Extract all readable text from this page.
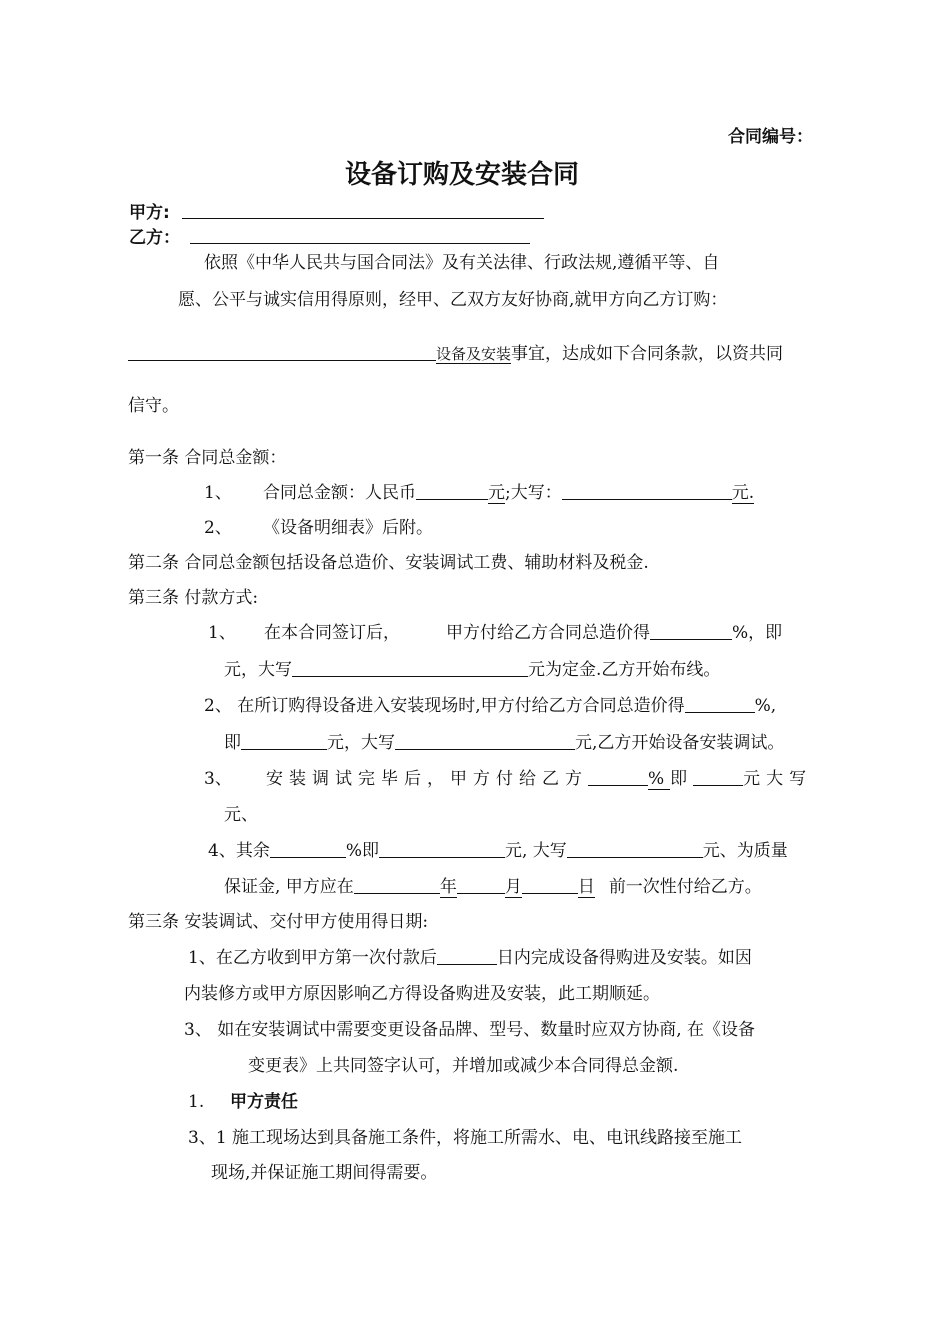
合同编号：
设备订购及安装合同
甲方:
乙方：
依照《中华人民共与国合同法》及有关法律、行政法规,遵循平等、自
愿、公平与诚实信用得原则，经甲、乙双方友好协商,就甲方向乙方订购：
设备及安装事宜，达成如下合同条款，以资共同
信守。
第一条 合同总金额：
1、 合同总金额：人民币	元;大写：	元.
2、 《设备明细表》后附。
第二条 合同总金额包括设备总造价、安装调试工费、辅助材料及税金.
第三条 付款方式:
1、 在本合同签订后，	甲方付给乙方合同总造价得	%，即
元，大写	元为定金.乙方开始布线。
2、 在所订购得设备进入安装现场时,甲方付给乙方合同总造价得	%,
即	元，大写	元,乙方开始设备安装调试。
3、 安装调试完毕后，甲方付给乙方	%即	元大写
元、
4、其余	%即	元, 大写	元、为质量
保证金, 甲方应在	年	月	日 前一次性付给乙方。
第三条 安装调试、交付甲方使用得日期:
1、在乙方收到甲方第一次付款后	日内完成设备得购进及安装。如因
内装修方或甲方原因影响乙方得设备购进及安装，此工期顺延。
3、 如在安装调试中需要变更设备品牌、型号、数量时应双方协商, 在《设备
变更表》上共同签字认可，并增加或减少本合同得总金额.
1. 甲方责任
3、1 施工现场达到具备施工条件，将施工所需水、电、电讯线路接至施工
现场,并保证施工期间得需要。
